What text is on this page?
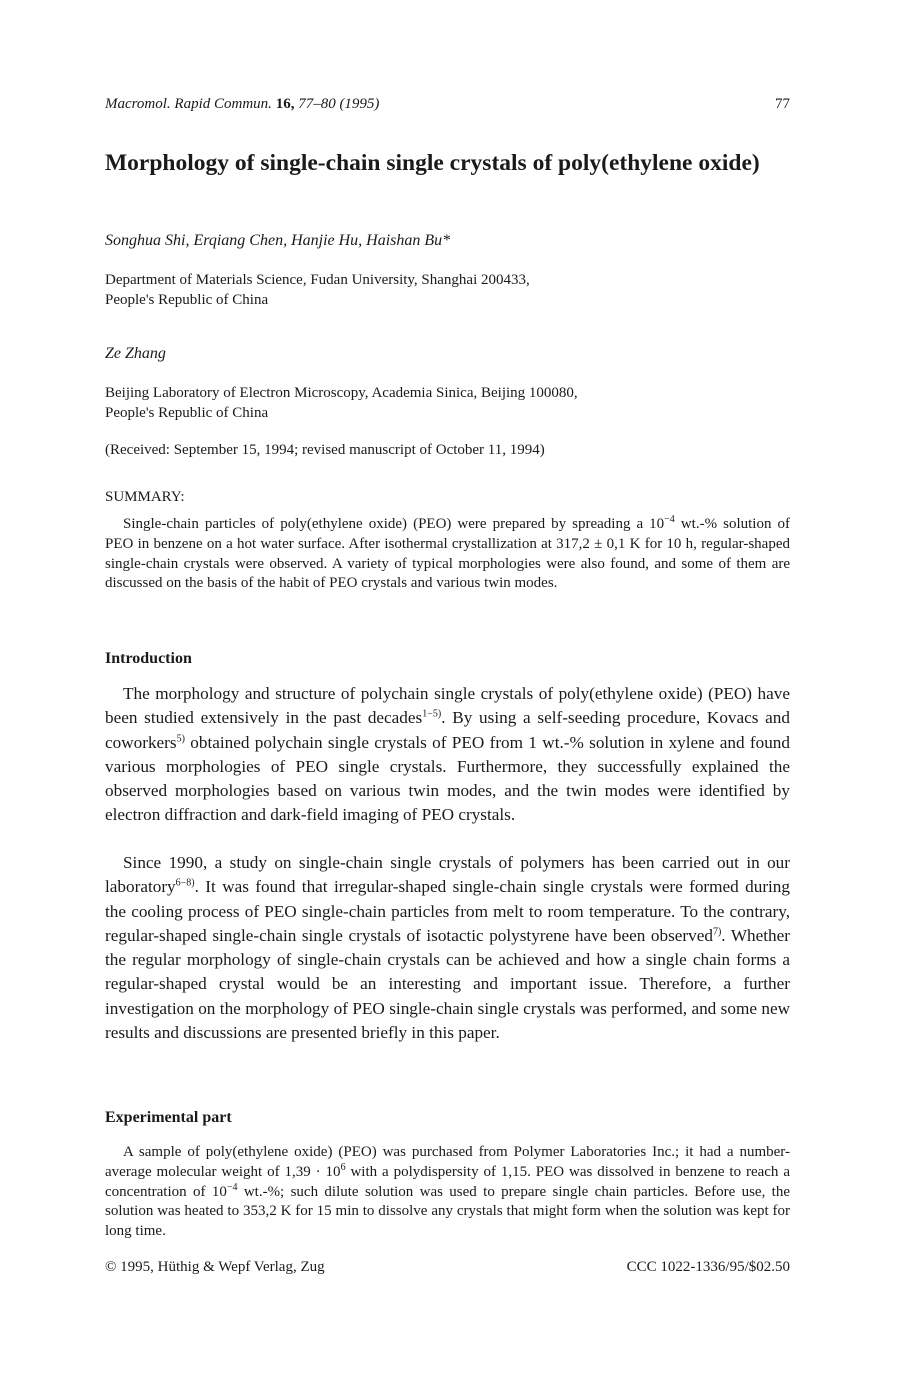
Macromol. Rapid Commun. 16, 77–80 (1995)	77
Morphology of single-chain single crystals of poly(ethylene oxide)

Songhua Shi, Erqiang Chen, Hanjie Hu, Haishan Bu*

Department of Materials Science, Fudan University, Shanghai 200433,
People's Republic of China

Ze Zhang

Beijing Laboratory of Electron Microscopy, Academia Sinica, Beijing 100080,
People's Republic of China

(Received: September 15, 1994; revised manuscript of October 11, 1994)

SUMMARY:

Single-chain particles of poly(ethylene oxide) (PEO) were prepared by spreading a $10^{-4}$ wt.-% solution of PEO in benzene on a hot water surface. After isothermal crystallization at 317,2 ± 0,1 K for 10 h, regular-shaped single-chain crystals were observed. A variety of typical morphologies were also found, and some of them are discussed on the basis of the habit of PEO crystals and various twin modes.

Introduction

The morphology and structure of polychain single crystals of poly(ethylene oxide) (PEO) have been studied extensively in the past decades$^{1-5)}$. By using a self-seeding procedure, Kovacs and coworkers$^{5)}$ obtained polychain single crystals of PEO from 1 wt.-% solution in xylene and found various morphologies of PEO single crystals. Furthermore, they successfully explained the observed morphologies based on various twin modes, and the twin modes were identified by electron diffraction and dark-field imaging of PEO crystals.

Since 1990, a study on single-chain single crystals of polymers has been carried out in our laboratory$^{6-8)}$. It was found that irregular-shaped single-chain single crystals were formed during the cooling process of PEO single-chain particles from melt to room temperature. To the contrary, regular-shaped single-chain single crystals of isotactic polystyrene have been observed$^{7)}$. Whether the regular morphology of single-chain crystals can be achieved and how a single chain forms a regular-shaped crystal would be an interesting and important issue. Therefore, a further investigation on the morphology of PEO single-chain single crystals was performed, and some new results and discussions are presented briefly in this paper.

Experimental part

A sample of poly(ethylene oxide) (PEO) was purchased from Polymer Laboratories Inc.; it had a number-average molecular weight of $1,39 \cdot 10^6$ with a polydispersity of 1,15. PEO was dissolved in benzene to reach a concentration of $10^{-4}$ wt.-%; such dilute solution was used to prepare single chain particles. Before use, the solution was heated to 353,2 K for 15 min to dissolve any crystals that might form when the solution was kept for long time.

© 1995, Hüthig & Wepf Verlag, Zug	CCC 1022-1336/95/$02.50
